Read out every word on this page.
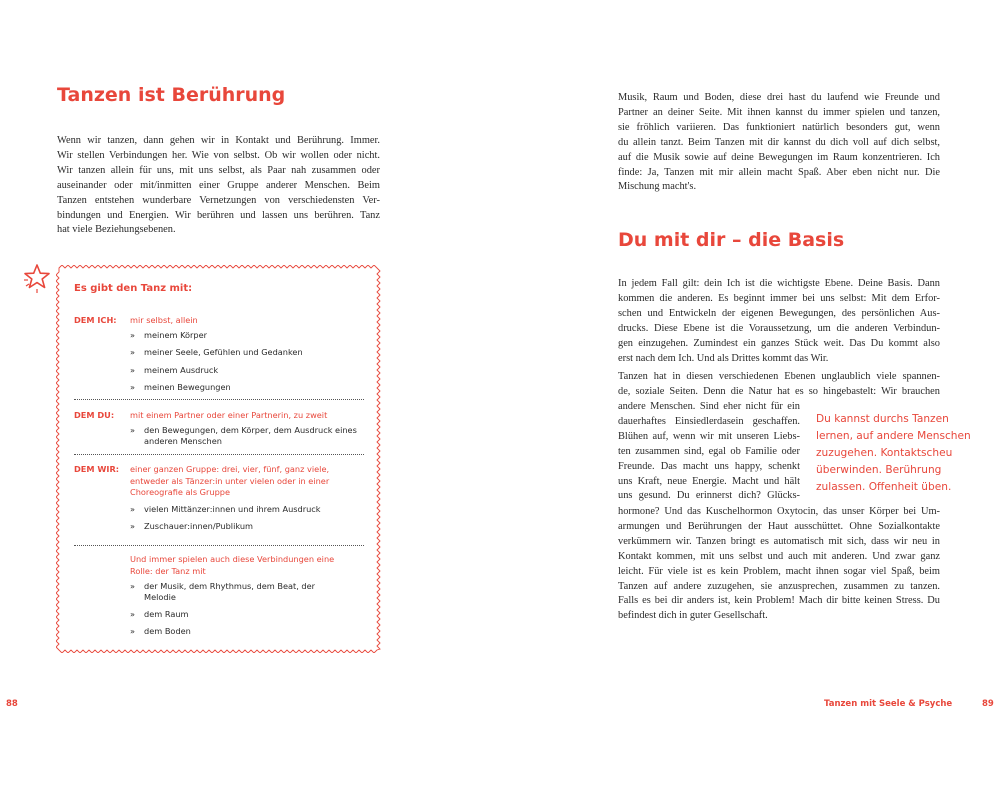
Tanzen ist Berührung
Wenn wir tanzen, dann gehen wir in Kontakt und Berührung. Immer.
Wir stellen Verbindungen her. Wie von selbst. Ob wir wollen oder nicht.
Wir tanzen allein für uns, mit uns selbst, als Paar nah zusammen oder
auseinander oder mit/inmitten einer Gruppe anderer Menschen. Beim
Tanzen entstehen wunderbare Vernetzungen von verschiedensten Ver-
bindungen und Energien. Wir berühren und lassen uns berühren. Tanz
hat viele Beziehungsebenen.

Es gibt den Tanz mit:

DEM ICH: mir selbst, allein
» meinem Körper
» meiner Seele, Gefühlen und Gedanken
» meinem Ausdruck
» meinen Bewegungen
DEM DU: mit einem Partner oder einer Partnerin, zu zweit
» den Bewegungen, dem Körper, dem Ausdruck eines anderen Menschen
DEM WIR: einer ganzen Gruppe: drei, vier, fünf, ganz viele, entweder als Tänzer:in unter vielen oder in einer Choreografie als Gruppe
» vielen Mittänzer:innen und ihrem Ausdruck
» Zuschauer:innen/Publikum
Und immer spielen auch diese Verbindungen eine Rolle: der Tanz mit
» der Musik, dem Rhythmus, dem Beat, der Melodie
» dem Raum
» dem Boden
88
Musik, Raum und Boden, diese drei hast du laufend wie Freunde und
Partner an deiner Seite. Mit ihnen kannst du immer spielen und tanzen,
sie fröhlich variieren. Das funktioniert natürlich besonders gut, wenn
du allein tanzt. Beim Tanzen mit dir kannst du dich voll auf dich selbst,
auf die Musik sowie auf deine Bewegungen im Raum konzentrieren. Ich
finde: Ja, Tanzen mit mir allein macht Spaß. Aber eben nicht nur. Die
Mischung macht's.
Du mit dir – die Basis
In jedem Fall gilt: dein Ich ist die wichtigste Ebene. Deine Basis. Dann
kommen die anderen. Es beginnt immer bei uns selbst: Mit dem Erfor-
schen und Entwickeln der eigenen Bewegungen, des persönlichen Aus-
drucks. Diese Ebene ist die Voraussetzung, um die anderen Verbindun-
gen einzugehen. Zumindest ein ganzes Stück weit. Das Du kommt also
erst nach dem Ich. Und als Drittes kommt das Wir.
Tanzen hat in diesen verschiedenen Ebenen unglaublich viele spannen-
de, soziale Seiten. Denn die Natur hat es so hingebastelt: Wir brauchen
andere Menschen. Sind eher nicht für ein
dauerhaftes Einsiedlerdasein geschaffen.
Blühen auf, wenn wir mit unseren Liebs-
ten zusammen sind, egal ob Familie oder
Freunde. Das macht uns happy, schenkt
uns Kraft, neue Energie. Macht und hält
uns gesund. Du erinnerst dich? Glücks-
hormone? Und das Kuschelhormon Oxytocin, das unser Körper bei Um-
armungen und Berührungen der Haut ausschüttet. Ohne Sozialkontakte
verkümmern wir. Tanzen bringt es automatisch mit sich, dass wir neu in
Kontakt kommen, mit uns selbst und auch mit anderen. Und zwar ganz
leicht. Für viele ist es kein Problem, macht ihnen sogar viel Spaß, beim
Tanzen auf andere zuzugehen, sie anzusprechen, zusammen zu tanzen.
Falls es bei dir anders ist, kein Problem! Mach dir bitte keinen Stress. Du
befindest dich in guter Gesellschaft.
Du kannst durchs Tanzen
lernen, auf andere Menschen
zuzugehen. Kontaktscheu
überwinden. Berührung
zulassen. Offenheit üben.
Tanzen mit Seele & Psyche	89
